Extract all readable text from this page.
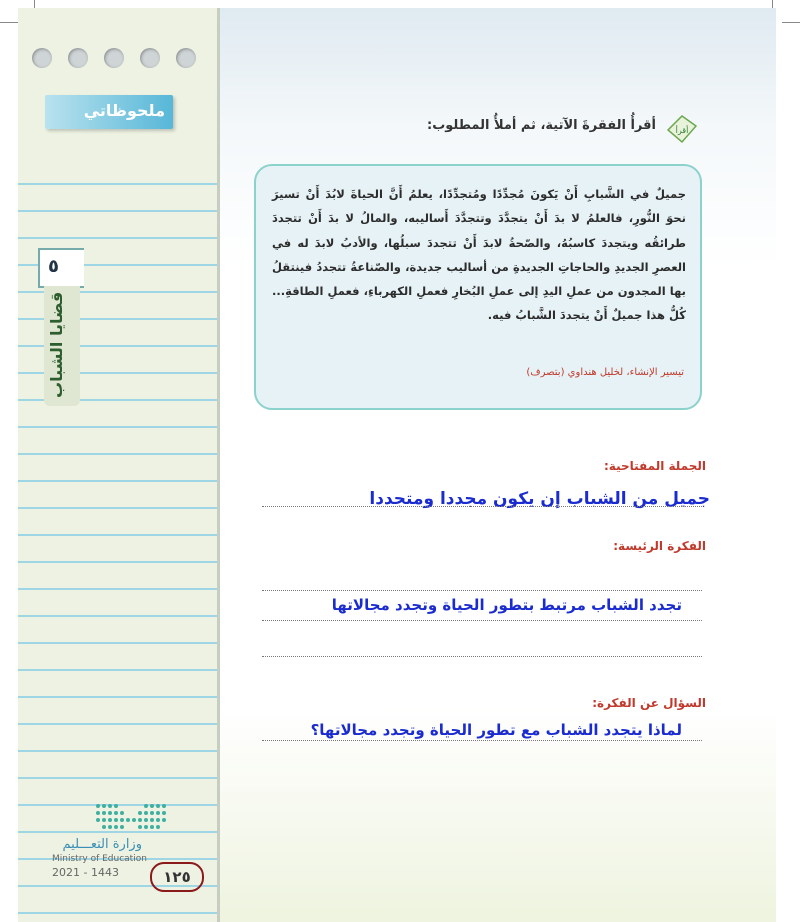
ملحوظاتي
٥
قضايا الشباب
أقرأ
أقرأُ الفقرةَ الآتية، ثم أملأُ المطلوب:
جميلٌ في الشَّبابِ أَنْ يَكونَ مُجدِّدًا ومُتجدِّدًا، يعلمُ أَنَّ الحياةَ لابُدَ أَنْ تسيرَ نحوَ النُّورِ، فالعلمُ لا بدَ أَنْ يتجدَّدَ وتتجدَّدَ أَساليبه، والمالُ لا بدَ أَنْ تتجددَ طرائقُه ويتجددَ كاسبُهُ، والصّحةُ لابدَ أَنْ تتجددَ سبلُها، والأدبُ لابدَ له في العصرِ الجديدِ والحاجاتِ الجديدةِ من أساليب جديدة، والصّناعةُ تتجددُ فينتقلُ بها المجدون من عملِ اليدِ إلى عملِ البُخارِ فعملِ الكهرباءِ، فعملِ الطاقةِ... كُلُّ هذا جميلٌ أَنْ يتجددَ الشَّبابُ فيه.
تيسير الإنشاء، لخليل هنداوي (بتصرف)
الجملة المفتاحية:
جميل من الشباب إن يكون مجددا ومتجددا
الفكرة الرئيسة:
تجدد الشباب مرتبط بتطور الحياة وتجدد مجالاتها
السؤال عن الفكرة:
لماذا يتجدد الشباب مع تطور الحياة وتجدد مجالاتها؟
وزارة التعـــليم
Ministry of Education
2021 - 1443	١٢٥
